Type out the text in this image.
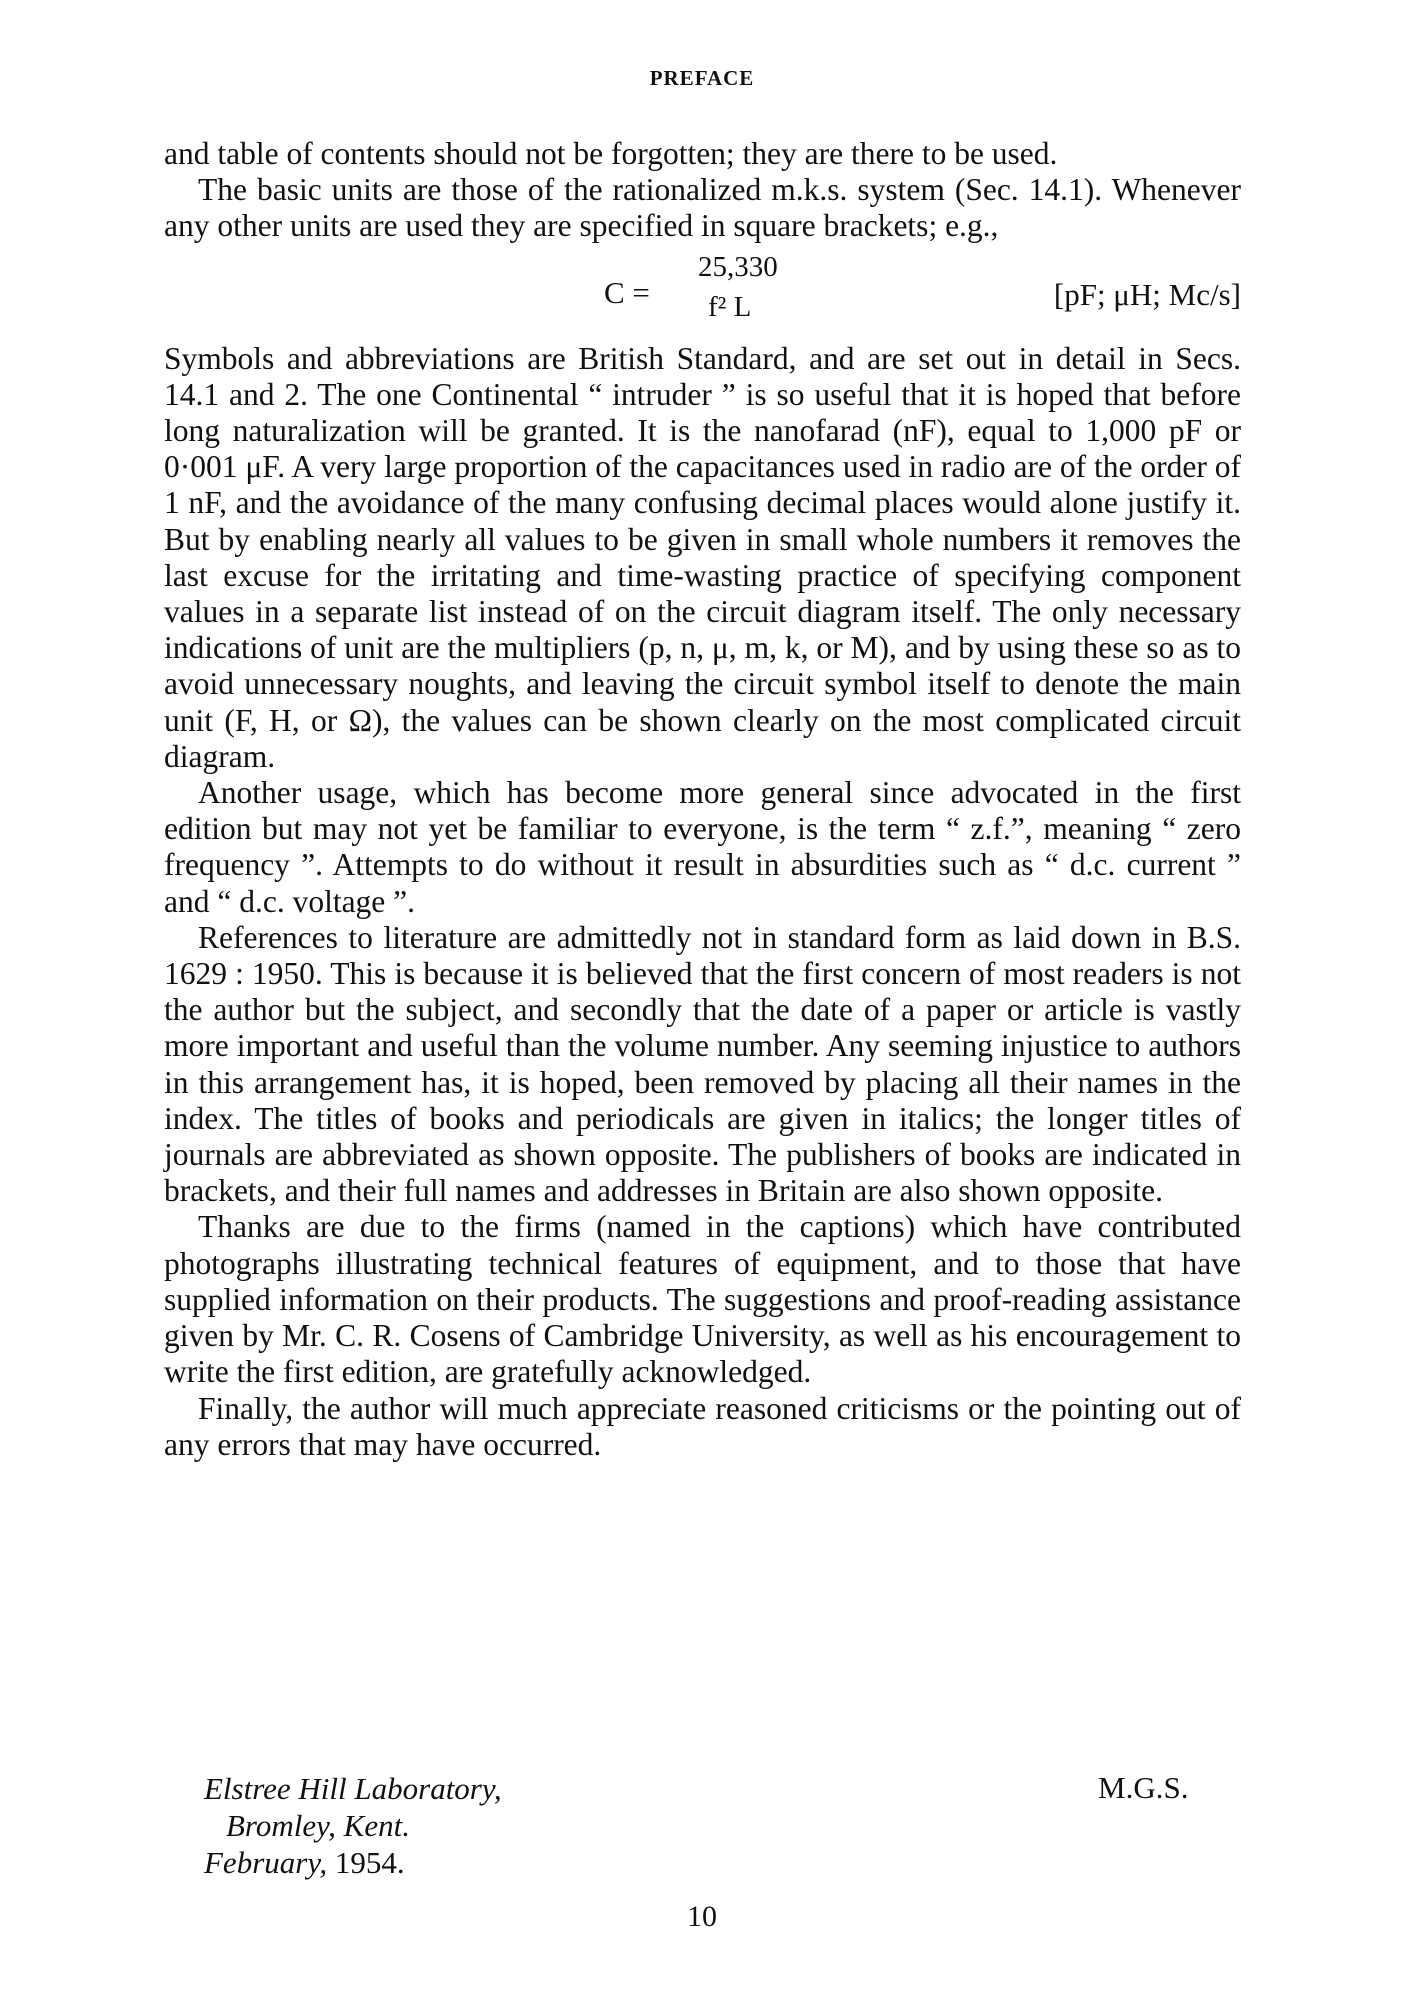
PREFACE

and table of contents should not be forgotten; they are there to be used.

The basic units are those of the rationalized m.k.s. system (Sec. 14.1). Whenever any other units are used they are specified in square brackets; e.g.,

C =
25,330
f² L	[pF; μH; Mc/s]

Symbols and abbreviations are British Standard, and are set out in detail in Secs. 14.1 and 2. The one Continental “ intruder ” is so useful that it is hoped that before long naturalization will be granted. It is the nanofarad (nF), equal to 1,000 pF or 0·001 μF. A very large proportion of the capacitances used in radio are of the order of 1 nF, and the avoidance of the many confusing decimal places would alone justify it. But by enabling nearly all values to be given in small whole numbers it removes the last excuse for the irritating and time-wasting practice of specifying component values in a separate list instead of on the circuit diagram itself. The only necessary indications of unit are the multipliers (p, n, μ, m, k, or M), and by using these so as to avoid unnecessary noughts, and leaving the circuit symbol itself to denote the main unit (F, H, or Ω), the values can be shown clearly on the most complicated circuit diagram.

Another usage, which has become more general since advocated in the first edition but may not yet be familiar to everyone, is the term “ z.f.”, meaning “ zero frequency ”. Attempts to do without it result in absurdities such as “ d.c. current ” and “ d.c. voltage ”.

References to literature are admittedly not in standard form as laid down in B.S. 1629 : 1950. This is because it is believed that the first concern of most readers is not the author but the subject, and secondly that the date of a paper or article is vastly more important and useful than the volume number. Any seeming injustice to authors in this arrangement has, it is hoped, been removed by placing all their names in the index. The titles of books and periodicals are given in italics; the longer titles of journals are abbreviated as shown opposite. The publishers of books are indicated in brackets, and their full names and addresses in Britain are also shown opposite.

Thanks are due to the firms (named in the captions) which have contributed photographs illustrating technical features of equipment, and to those that have supplied information on their products. The suggestions and proof-reading assistance given by Mr. C. R. Cosens of Cambridge University, as well as his encouragement to write the first edition, are gratefully acknowledged.

Finally, the author will much appreciate reasoned criticisms or the pointing out of any errors that may have occurred.

Elstree Hill Laboratory,
Bromley, Kent.
February, 1954.
M.G.S.
10
